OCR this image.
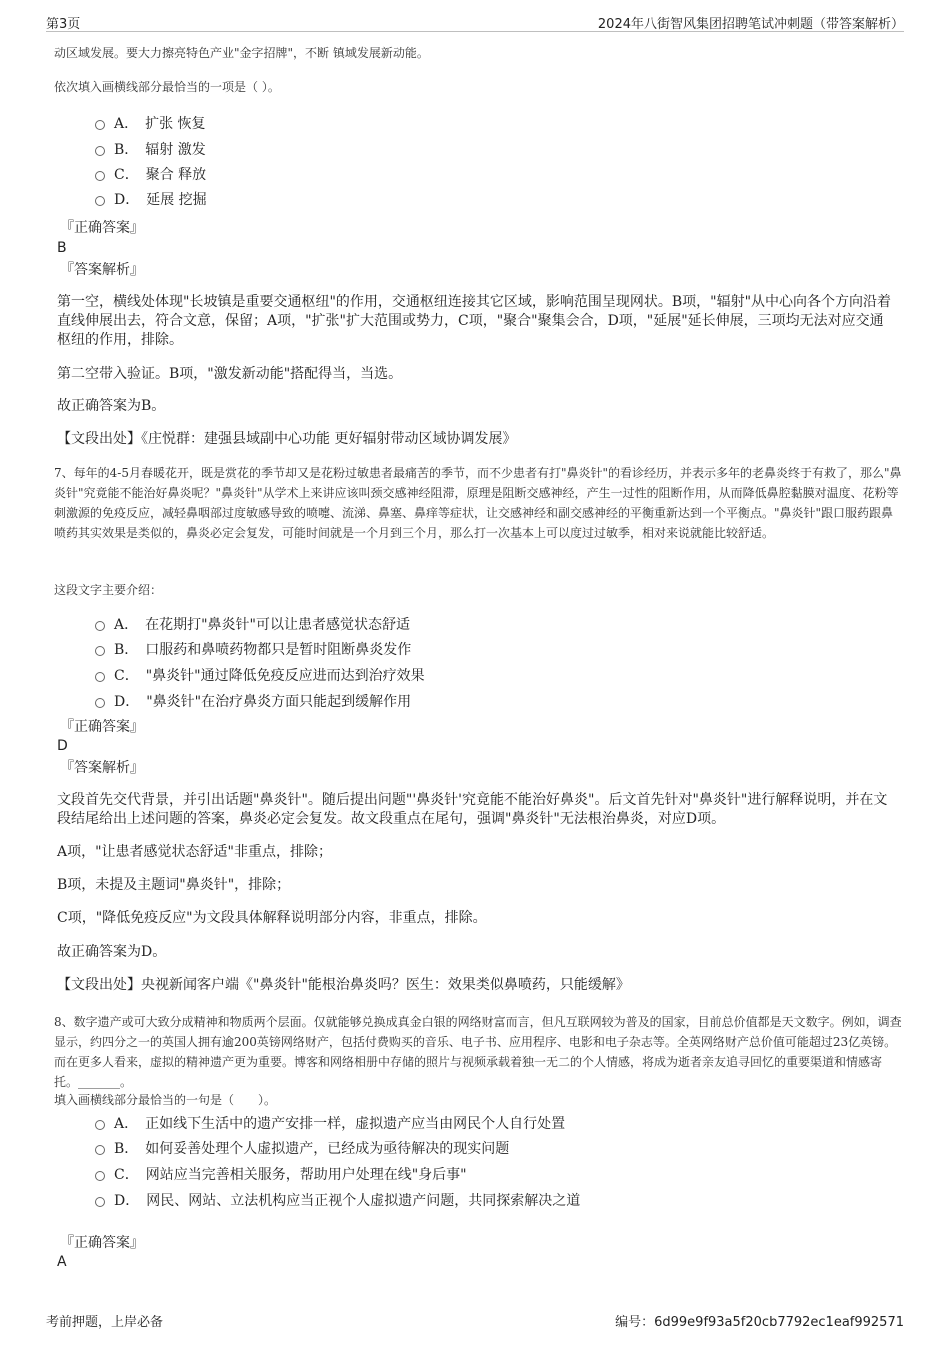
第3页	2024年八街智风集团招聘笔试冲刺题（带答案解析）
动区域发展。要大力擦亮特色产业"金字招牌"，不断 镇域发展新动能。
依次填入画横线部分最恰当的一项是（ ）。
A．　扩张 恢复
B．　辐射 激发
C．　聚合 释放
D．　延展 挖掘
『正确答案』
B
『答案解析』
第一空，横线处体现"长坡镇是重要交通枢纽"的作用，交通枢纽连接其它区域，影响范围呈现网状。B项，"辐射"从中心向各个方向沿着直线伸展出去，符合文意，保留；A项，"扩张"扩大范围或势力，C项，"聚合"聚集会合，D项，"延展"延长伸展，三项均无法对应交通枢纽的作用，排除。
第二空带入验证。B项，"激发新动能"搭配得当，当选。
故正确答案为B。
【文段出处】《庄悦群：建强县域副中心功能 更好辐射带动区域协调发展》
7、每年的4-5月春暖花开，既是赏花的季节却又是花粉过敏患者最痛苦的季节，而不少患者有打"鼻炎针"的看诊经历，并表示多年的老鼻炎终于有救了，那么"鼻炎针"究竟能不能治好鼻炎呢？"鼻炎针"从学术上来讲应该叫颈交感神经阻滞，原理是阻断交感神经，产生一过性的阻断作用，从而降低鼻腔黏膜对温度、花粉等刺激源的免疫反应，减轻鼻咽部过度敏感导致的喷嚏、流涕、鼻塞、鼻痒等症状，让交感神经和副交感神经的平衡重新达到一个平衡点。"鼻炎针"跟口服药跟鼻喷药其实效果是类似的，鼻炎必定会复发，可能时间就是一个月到三个月，那么打一次基本上可以度过过敏季，相对来说就能比较舒适。
这段文字主要介绍：
A．　在花期打"鼻炎针"可以让患者感觉状态舒适
B．　口服药和鼻喷药物都只是暂时阻断鼻炎发作
C．　"鼻炎针"通过降低免疫反应进而达到治疗效果
D．　"鼻炎针"在治疗鼻炎方面只能起到缓解作用
『正确答案』
D
『答案解析』
文段首先交代背景，并引出话题"鼻炎针"。随后提出问题"'鼻炎针'究竟能不能治好鼻炎"。后文首先针对"鼻炎针"进行解释说明，并在文段结尾给出上述问题的答案，鼻炎必定会复发。故文段重点在尾句，强调"鼻炎针"无法根治鼻炎，对应D项。
A项，"让患者感觉状态舒适"非重点，排除；
B项，未提及主题词"鼻炎针"，排除；
C项，"降低免疫反应"为文段具体解释说明部分内容，非重点，排除。
故正确答案为D。
【文段出处】央视新闻客户端《"鼻炎针"能根治鼻炎吗？医生：效果类似鼻喷药，只能缓解》
8、数字遗产或可大致分成精神和物质两个层面。仅就能够兑换成真金白银的网络财富而言，但凡互联网较为普及的国家，目前总价值都是天文数字。例如，调查显示，约四分之一的英国人拥有逾200英镑网络财产，包括付费购买的音乐、电子书、应用程序、电影和电子杂志等。全英网络财产总价值可能超过23亿英镑。而在更多人看来，虚拟的精神遗产更为重要。博客和网络相册中存储的照片与视频承载着独一无二的个人情感，将成为逝者亲友追寻回忆的重要渠道和情感寄托。_______。
填入画横线部分最恰当的一句是（　　）。
A．　正如线下生活中的遗产安排一样，虚拟遗产应当由网民个人自行处置
B．　如何妥善处理个人虚拟遗产，已经成为亟待解决的现实问题
C．　网站应当完善相关服务，帮助用户处理在线"身后事"
D．　网民、网站、立法机构应当正视个人虚拟遗产问题，共同探索解决之道
『正确答案』
A
考前押题，上岸必备	编号：6d99e9f93a5f20cb7792ec1eaf992571
